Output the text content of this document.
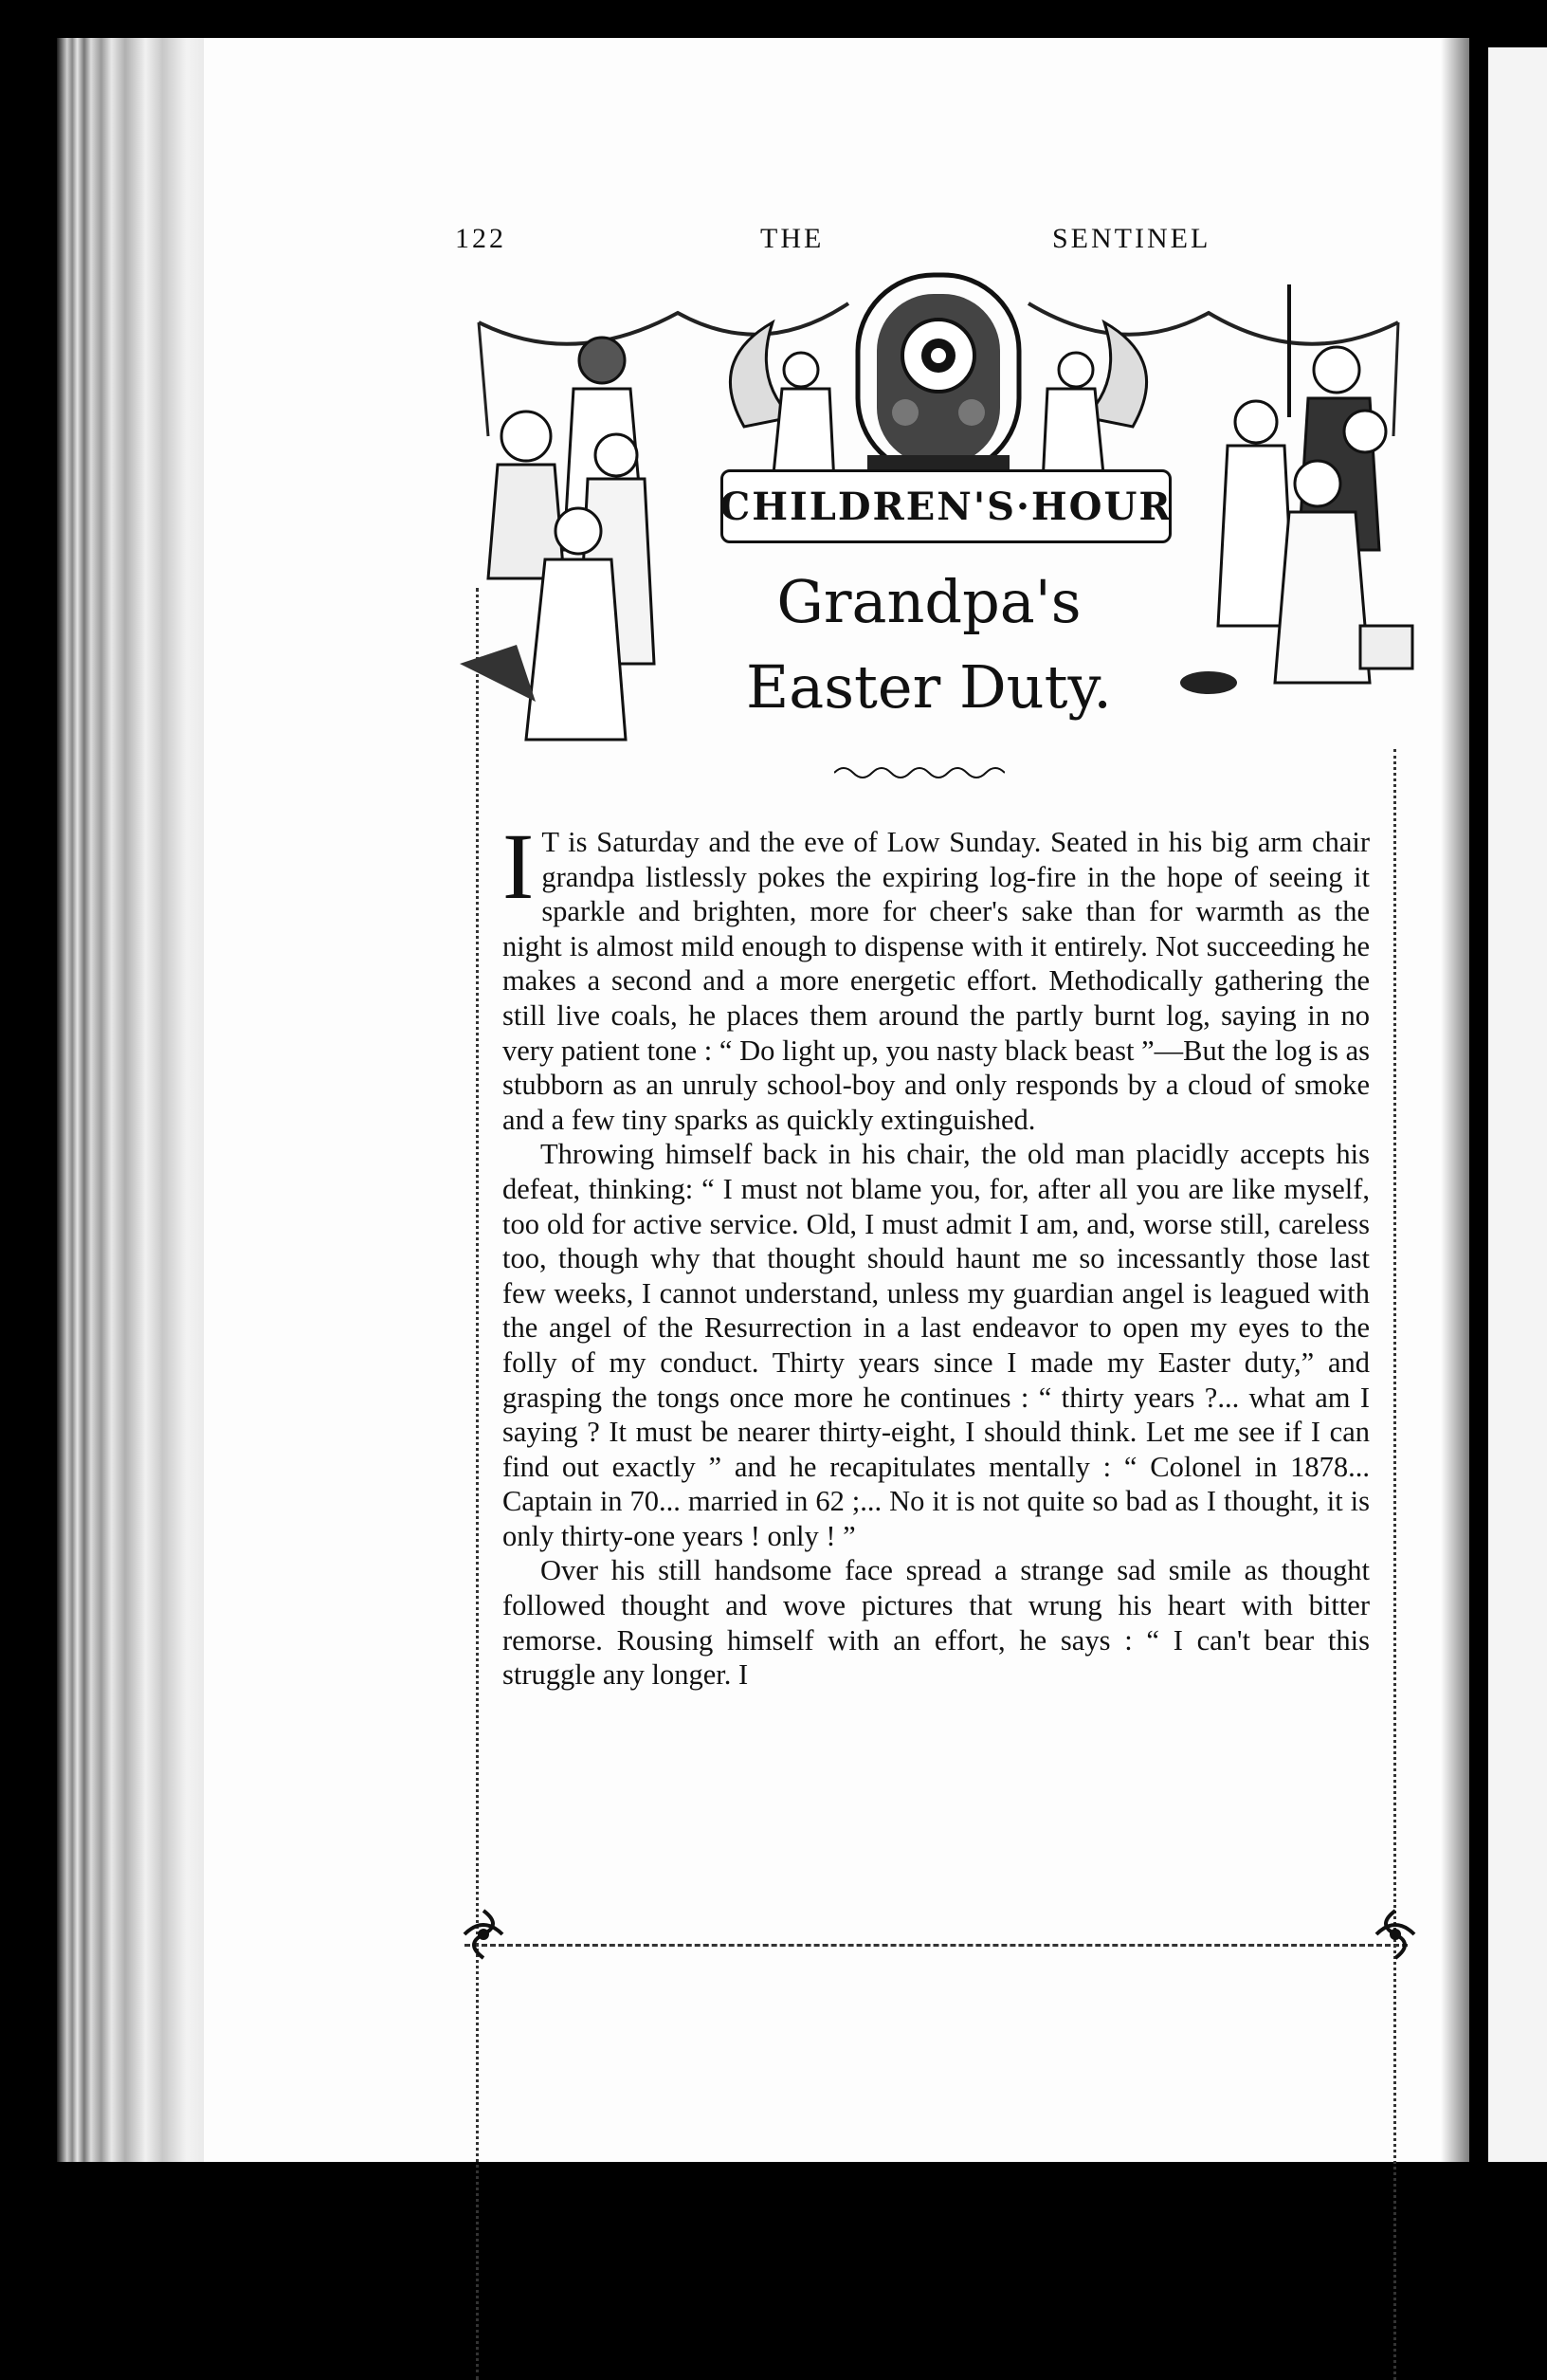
122	THE	SENTINEL
CHILDREN'S·HOUR
Grandpa's
Easter Duty.

I T is Saturday and the eve of Low Sunday. Seated in his big arm chair grandpa listlessly pokes the expiring log-fire in the hope of seeing it sparkle and brighten, more for cheer's sake than for warmth as the night is almost mild enough to dispense with it entirely. Not succeeding he makes a second and a more energetic effort. Methodically gathering the still live coals, he places them around the partly burnt log, saying in no very patient tone : “ Do light up, you nasty black beast ”—But the log is as stubborn as an unruly school-boy and only responds by a cloud of smoke and a few tiny sparks as quickly extinguished.

Throwing himself back in his chair, the old man placidly accepts his defeat, thinking: “ I must not blame you, for, after all you are like myself, too old for active service. Old, I must admit I am, and, worse still, careless too, though why that thought should haunt me so incessantly those last few weeks, I cannot understand, unless my guardian angel is leagued with the angel of the Resurrection in a last endeavor to open my eyes to the folly of my conduct. Thirty years since I made my Easter duty,” and grasping the tongs once more he continues : “ thirty years ?... what am I saying ? It must be nearer thirty-eight, I should think. Let me see if I can find out exactly ” and he recapitulates mentally : “ Colonel in 1878... Captain in 70... married in 62 ;... No it is not quite so bad as I thought, it is only thirty-one years ! only ! ”

Over his still handsome face spread a strange sad smile as thought followed thought and wove pictures that wrung his heart with bitter remorse. Rousing himself with an effort, he says : “ I can't bear this struggle any longer. I
